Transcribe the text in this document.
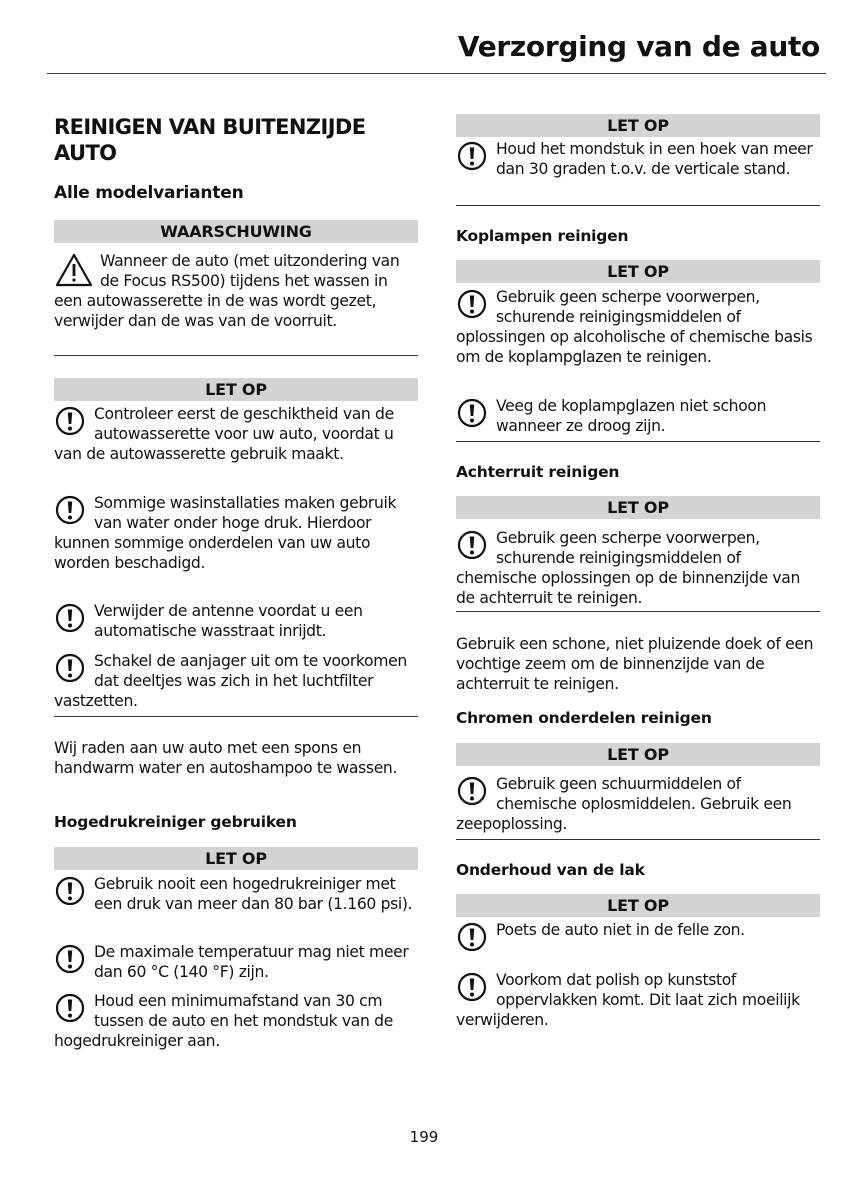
Verzorging van de auto
REINIGEN VAN BUITENZIJDE AUTO
Alle modelvarianten
WAARSCHUWING
Wanneer de auto (met uitzondering van de Focus RS500) tijdens het wassen in een autowasserette in de was wordt gezet, verwijder dan de was van de voorruit.
LET OP
Controleer eerst de geschiktheid van de autowasserette voor uw auto, voordat u van de autowasserette gebruik maakt.
Sommige wasinstallaties maken gebruik van water onder hoge druk. Hierdoor kunnen sommige onderdelen van uw auto worden beschadigd.
Verwijder de antenne voordat u een automatische wasstraat inrijdt.
Schakel de aanjager uit om te voorkomen dat deeltjes was zich in het luchtfilter vastzetten.
Wij raden aan uw auto met een spons en handwarm water en autoshampoo te wassen.
Hogedrukreiniger gebruiken
LET OP
Gebruik nooit een hogedrukreiniger met een druk van meer dan 80 bar (1.160 psi).
De maximale temperatuur mag niet meer dan 60 °C (140 °F) zijn.
Houd een minimumafstand van 30 cm tussen de auto en het mondstuk van de hogedrukreiniger aan.
LET OP
Houd het mondstuk in een hoek van meer dan 30 graden t.o.v. de verticale stand.
Koplampen reinigen
LET OP
Gebruik geen scherpe voorwerpen, schurende reinigingsmiddelen of oplossingen op alcoholische of chemische basis om de koplampglazen te reinigen.
Veeg de koplampglazen niet schoon wanneer ze droog zijn.
Achterruit reinigen
LET OP
Gebruik geen scherpe voorwerpen, schurende reinigingsmiddelen of chemische oplossingen op de binnenzijde van de achterruit te reinigen.
Gebruik een schone, niet pluizende doek of een vochtige zeem om de binnenzijde van de achterruit te reinigen.
Chromen onderdelen reinigen
LET OP
Gebruik geen schuurmiddelen of chemische oplosmiddelen. Gebruik een zeepoplossing.
Onderhoud van de lak
LET OP
Poets de auto niet in de felle zon.
Voorkom dat polish op kunststof oppervlakken komt. Dit laat zich moeilijk verwijderen.
199
